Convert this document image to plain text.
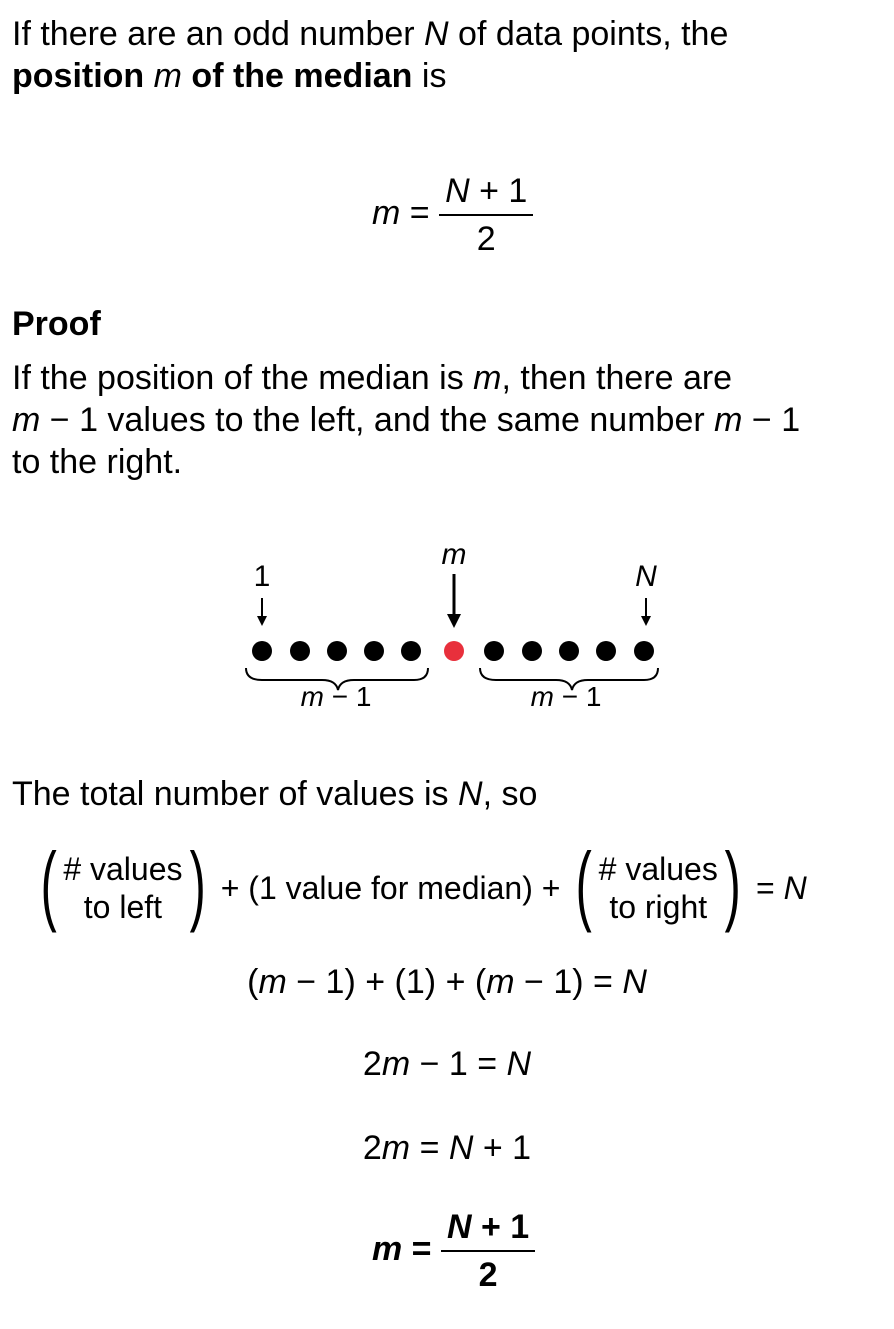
If there are an odd number N of data points, the
position m of the median is
$m = \frac{N + 1}{2}$
Proof
If the position of the median is m, then there are
m − 1 values to the left, and the same number m − 1
to the right.
1
m
N
m − 1	m − 1
The total number of values is N, so
( # values
to left ) + (1 value for median) + ( # values
to right ) = N
(m − 1) + (1) + (m − 1) = N
2m − 1 = N
2m = N + 1
$m = \frac{N + 1}{2}$
